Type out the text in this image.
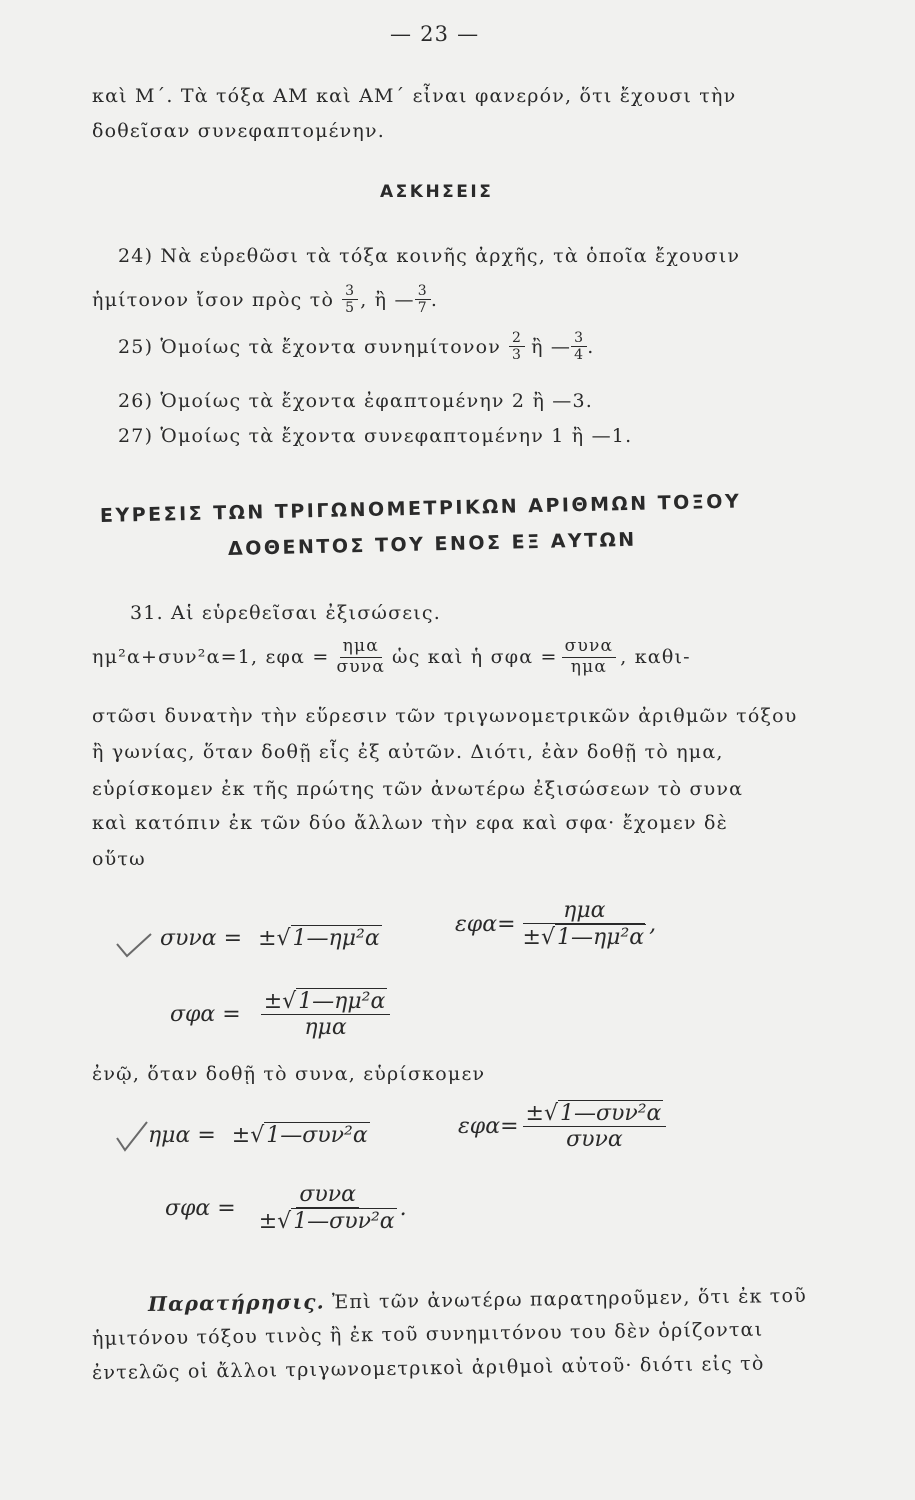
— 23 —
καὶ Μ΄. Τὰ τόξα ΑΜ καὶ ΑΜ΄ εἶναι φανερόν, ὅτι ἔχουσι τὴν
δοθεῖσαν συνεφαπτομένην.
ΑΣΚΗΣΕΙΣ
24) Νὰ εὑρεθῶσι τὰ τόξα κοινῆς ἀρχῆς, τὰ ὁποῖα ἔχουσιν
ἡμίτονον ἴσον πρὸς τὸ $\frac{3}{5}$ , ἢ — $\frac{3}{7}$ .
25) Ὁμοίως τὰ ἔχοντα συνημίτονον $\frac{2}{3}$ ἢ — $\frac{3}{4}$ .
26) Ὁμοίως τὰ ἔχοντα ἐφαπτομένην 2 ἢ —3.
27) Ὁμοίως τὰ ἔχοντα συνεφαπτομένην 1 ἢ —1.
ΕΥΡΕΣΙΣ ΤΩΝ ΤΡΙΓΩΝΟΜΕΤΡΙΚΩΝ ΑΡΙΘΜΩΝ ΤΟΞΟΥ
ΔΟΘΕΝΤΟΣ ΤΟΥ ΕΝΟΣ ΕΞ ΑΥΤΩΝ
31. Αἱ εὑρεθεῖσαι ἐξισώσεις.
ημ²α+συν²α=1, $\varepsilon\varphi\alpha = \frac{\text{ημα}}{\text{συνα}}$ ὡς καὶ ἡ $\sigma\varphi\alpha = \frac{\text{συνα}}{\text{ημα}}$ , καθι-
στῶσι δυνατὴν τὴν εὕρεσιν τῶν τριγωνομετρικῶν ἀριθμῶν τόξου
ἢ γωνίας, ὅταν δοθῇ εἷς ἐξ αὐτῶν. Διότι, ἐὰν δοθῇ τὸ ημα,
εὑρίσκομεν ἐκ τῆς πρώτης τῶν ἀνωτέρω ἐξισώσεων τὸ συνα
καὶ κατόπιν ἐκ τῶν δύο ἄλλων τὴν εφα καὶ σφα· ἔχομεν δὲ
οὕτω
συνα = ± √ 1—ημ²α
$\varepsilon\varphi\alpha= \frac{\text{ημα}}{\text{±√1—ημ²α}}$ ,
$\sigma\varphi\alpha = \frac{\text{±√1—ημ²α}}{\text{ημα}}$
ἐνῷ, ὅταν δοθῇ τὸ συνα, εὑρίσκομεν
ημα = ± √ 1—συν²α	$\varepsilon\varphi\alpha= \frac{\text{±√1—συν²α}}{\text{συνα}}$
$\sigma\varphi\alpha = \frac{\text{συνα}}{\text{±√1—συν²α}}$ .
Παρατήρησις. Ἐπὶ τῶν ἀνωτέρω παρατηροῦμεν, ὅτι ἐκ τοῦ
ἡμιτόνου τόξου τινὸς ἢ ἐκ τοῦ συνημιτόνου του δὲν ὁρίζονται
ἐντελῶς οἱ ἄλλοι τριγωνομετρικοὶ ἀριθμοὶ αὐτοῦ· διότι εἰς τὸ
